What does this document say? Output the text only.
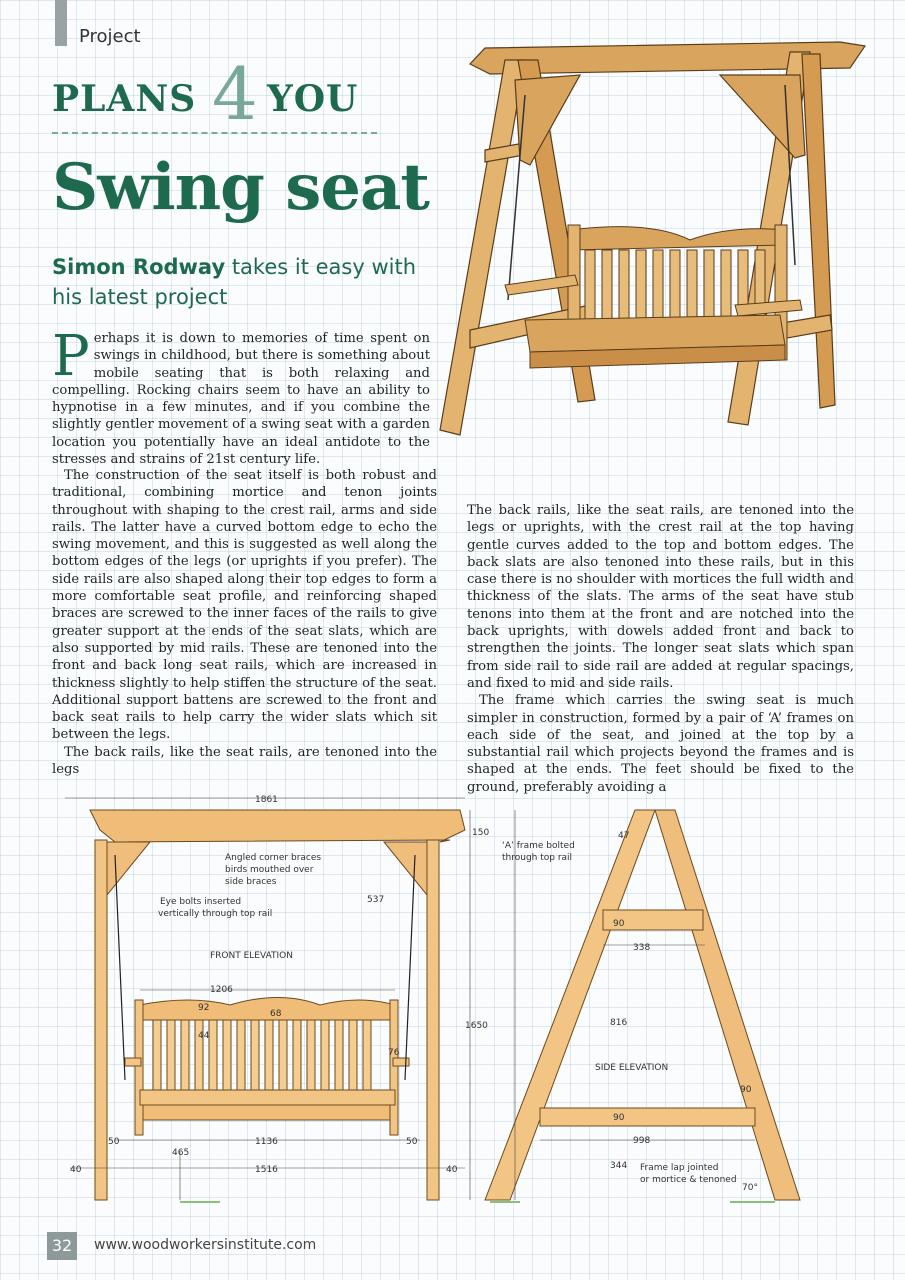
Project
PLANS 4 YOU
Swing seat
Simon Rodway takes it easy with his latest project
Perhaps it is down to memories of time spent on swings in childhood, but there is something about mobile seating that is both relaxing and compelling. Rocking chairs seem to have an ability to hypnotise in a few minutes, and if you combine the slightly gentler movement of a swing seat with a garden location you potentially have an ideal antidote to the stresses and strains of 21st century life.

The construction of the seat itself is both robust and traditional, combining mortice and tenon joints throughout with shaping to the crest rail, arms and side rails. The latter have a curved bottom edge to echo the swing movement, and this is suggested as well along the bottom edges of the legs (or uprights if you prefer). The side rails are also shaped along their top edges to form a more comfortable seat profile, and reinforcing shaped braces are screwed to the inner faces of the rails to give greater support at the ends of the seat slats, which are also supported by mid rails. These are tenoned into the front and back long seat rails, which are increased in thickness slightly to help stiffen the structure of the seat. Additional support battens are screwed to the front and back seat rails to help carry the wider slats which sit between the legs.

The back rails, like the seat rails, are tenoned into the legs

The back rails, like the seat rails, are tenoned into the legs or uprights, with the crest rail at the top having gentle curves added to the top and bottom edges. The back slats are also tenoned into these rails, but in this case there is no shoulder with mortices the full width and thickness of the slats. The arms of the seat have stub tenons into them at the front and are notched into the back uprights, with dowels added front and back to strengthen the joints. The longer seat slats which span from side rail to side rail are added at regular spacings, and fixed to mid and side rails.

The frame which carries the swing seat is much simpler in construction, formed by a pair of ‘A’ frames on each side of the seat, and joined at the top by a substantial rail which projects beyond the frames and is shaped at the ends. The feet should be fixed to the ground, preferably avoiding a

FRONT ELEVATION
SIDE ELEVATION
Angled corner braces
birds mouthed over
side braces
Eye bolts inserted
vertically through top rail
‘A’ frame bolted
through top rail
Frame lap jointed
or mortice & tenoned
1861
150
537
1650
1206
92
68
44
76
50	1136	50
465
40	1516	40
47
90
338
816
90
90
998
344
70°
32	www.woodworkersinstitute.com
